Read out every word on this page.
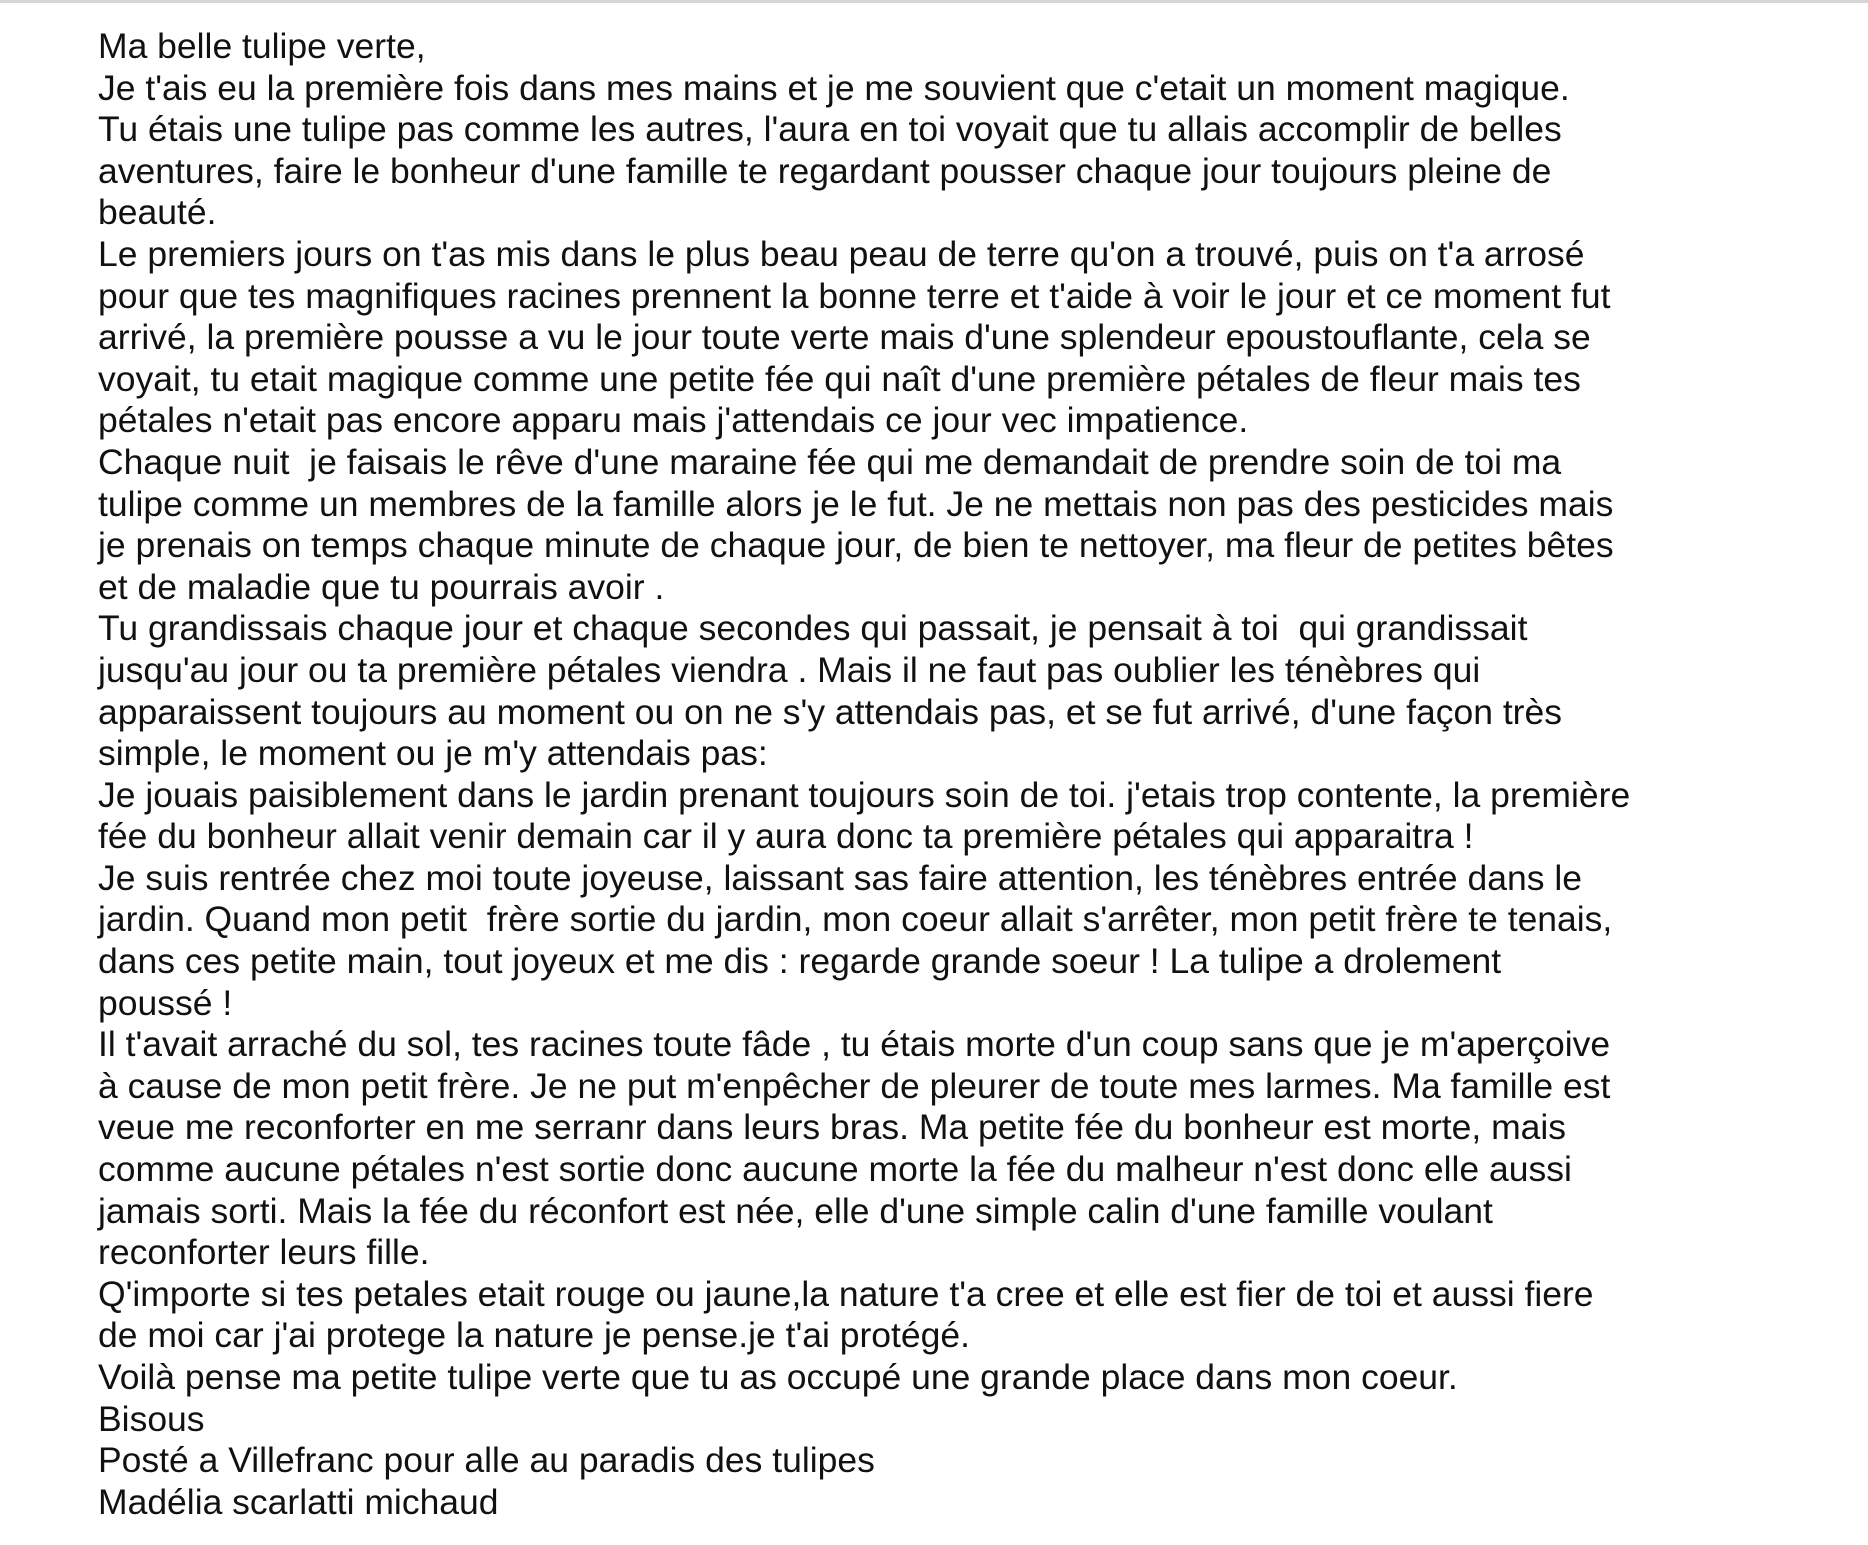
Ma belle tulipe verte,
Je t'ais eu la première fois dans mes mains et je me souvient que c'etait un moment magique.
Tu étais une tulipe pas comme les autres, l'aura en toi voyait que tu allais accomplir de belles
aventures, faire le bonheur d'une famille te regardant pousser chaque jour toujours pleine de
beauté.
Le premiers jours on t'as mis dans le plus beau peau de terre qu'on a trouvé, puis on t'a arrosé
pour que tes magnifiques racines prennent la bonne terre et t'aide à voir le jour et ce moment fut
arrivé, la première pousse a vu le jour toute verte mais d'une splendeur epoustouflante, cela se
voyait, tu etait magique comme une petite fée qui naît d'une première pétales de fleur mais tes
pétales n'etait pas encore apparu mais j'attendais ce jour vec impatience.
Chaque nuit  je faisais le rêve d'une maraine fée qui me demandait de prendre soin de toi ma
tulipe comme un membres de la famille alors je le fut. Je ne mettais non pas des pesticides mais
je prenais on temps chaque minute de chaque jour, de bien te nettoyer, ma fleur de petites bêtes
et de maladie que tu pourrais avoir .
Tu grandissais chaque jour et chaque secondes qui passait, je pensait à toi  qui grandissait
jusqu'au jour ou ta première pétales viendra . Mais il ne faut pas oublier les ténèbres qui
apparaissent toujours au moment ou on ne s'y attendais pas, et se fut arrivé, d'une façon très
simple, le moment ou je m'y attendais pas:
Je jouais paisiblement dans le jardin prenant toujours soin de toi. j'etais trop contente, la première
fée du bonheur allait venir demain car il y aura donc ta première pétales qui apparaitra !
Je suis rentrée chez moi toute joyeuse, laissant sas faire attention, les ténèbres entrée dans le
jardin. Quand mon petit  frère sortie du jardin, mon coeur allait s'arrêter, mon petit frère te tenais,
dans ces petite main, tout joyeux et me dis : regarde grande soeur ! La tulipe a drolement
poussé !
Il t'avait arraché du sol, tes racines toute fâde , tu étais morte d'un coup sans que je m'aperçoive
à cause de mon petit frère. Je ne put m'enpêcher de pleurer de toute mes larmes. Ma famille est
veue me reconforter en me serranr dans leurs bras. Ma petite fée du bonheur est morte, mais
comme aucune pétales n'est sortie donc aucune morte la fée du malheur n'est donc elle aussi
jamais sorti. Mais la fée du réconfort est née, elle d'une simple calin d'une famille voulant
reconforter leurs fille.
Q'importe si tes petales etait rouge ou jaune,la nature t'a cree et elle est fier de toi et aussi fiere
de moi car j'ai protege la nature je pense.je t'ai protégé.
Voilà pense ma petite tulipe verte que tu as occupé une grande place dans mon coeur.
Bisous
Posté a Villefranc pour alle au paradis des tulipes
Madélia scarlatti michaud
